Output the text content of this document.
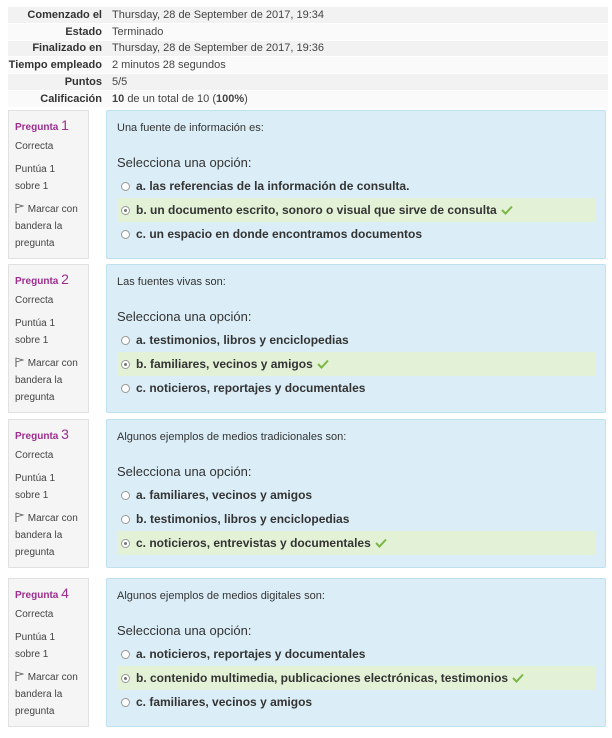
Comenzado el Thursday, 28 de September de 2017, 19:34
Estado Terminado
Finalizado en Thursday, 28 de September de 2017, 19:36
Tiempo empleado 2 minutos 28 segundos
Puntos 5/5
Calificación 10 de un total de 10 (100%)
Pregunta 1
Correcta
Puntúa 1 sobre 1
Marcar con bandera la pregunta
Una fuente de información es:
Selecciona una opción:
a. las referencias de la información de consulta.
b. un documento escrito, sonoro o visual que sirve de consulta
c. un espacio en donde encontramos documentos
Pregunta 2
Correcta
Puntúa 1 sobre 1
Marcar con bandera la pregunta
Las fuentes vivas son:
Selecciona una opción:
a. testimonios, libros y enciclopedias
b. familiares, vecinos y amigos
c. noticieros, reportajes y documentales
Pregunta 3
Correcta
Puntúa 1 sobre 1
Marcar con bandera la pregunta
Algunos ejemplos de medios tradicionales son:
Selecciona una opción:
a. familiares, vecinos y amigos
b. testimonios, libros y enciclopedias
c. noticieros, entrevistas y documentales
Pregunta 4
Correcta
Puntúa 1 sobre 1
Marcar con bandera la pregunta
Algunos ejemplos de medios digitales son:
Selecciona una opción:
a. noticieros, reportajes y documentales
b. contenido multimedia, publicaciones electrónicas, testimonios
c. familiares, vecinos y amigos
